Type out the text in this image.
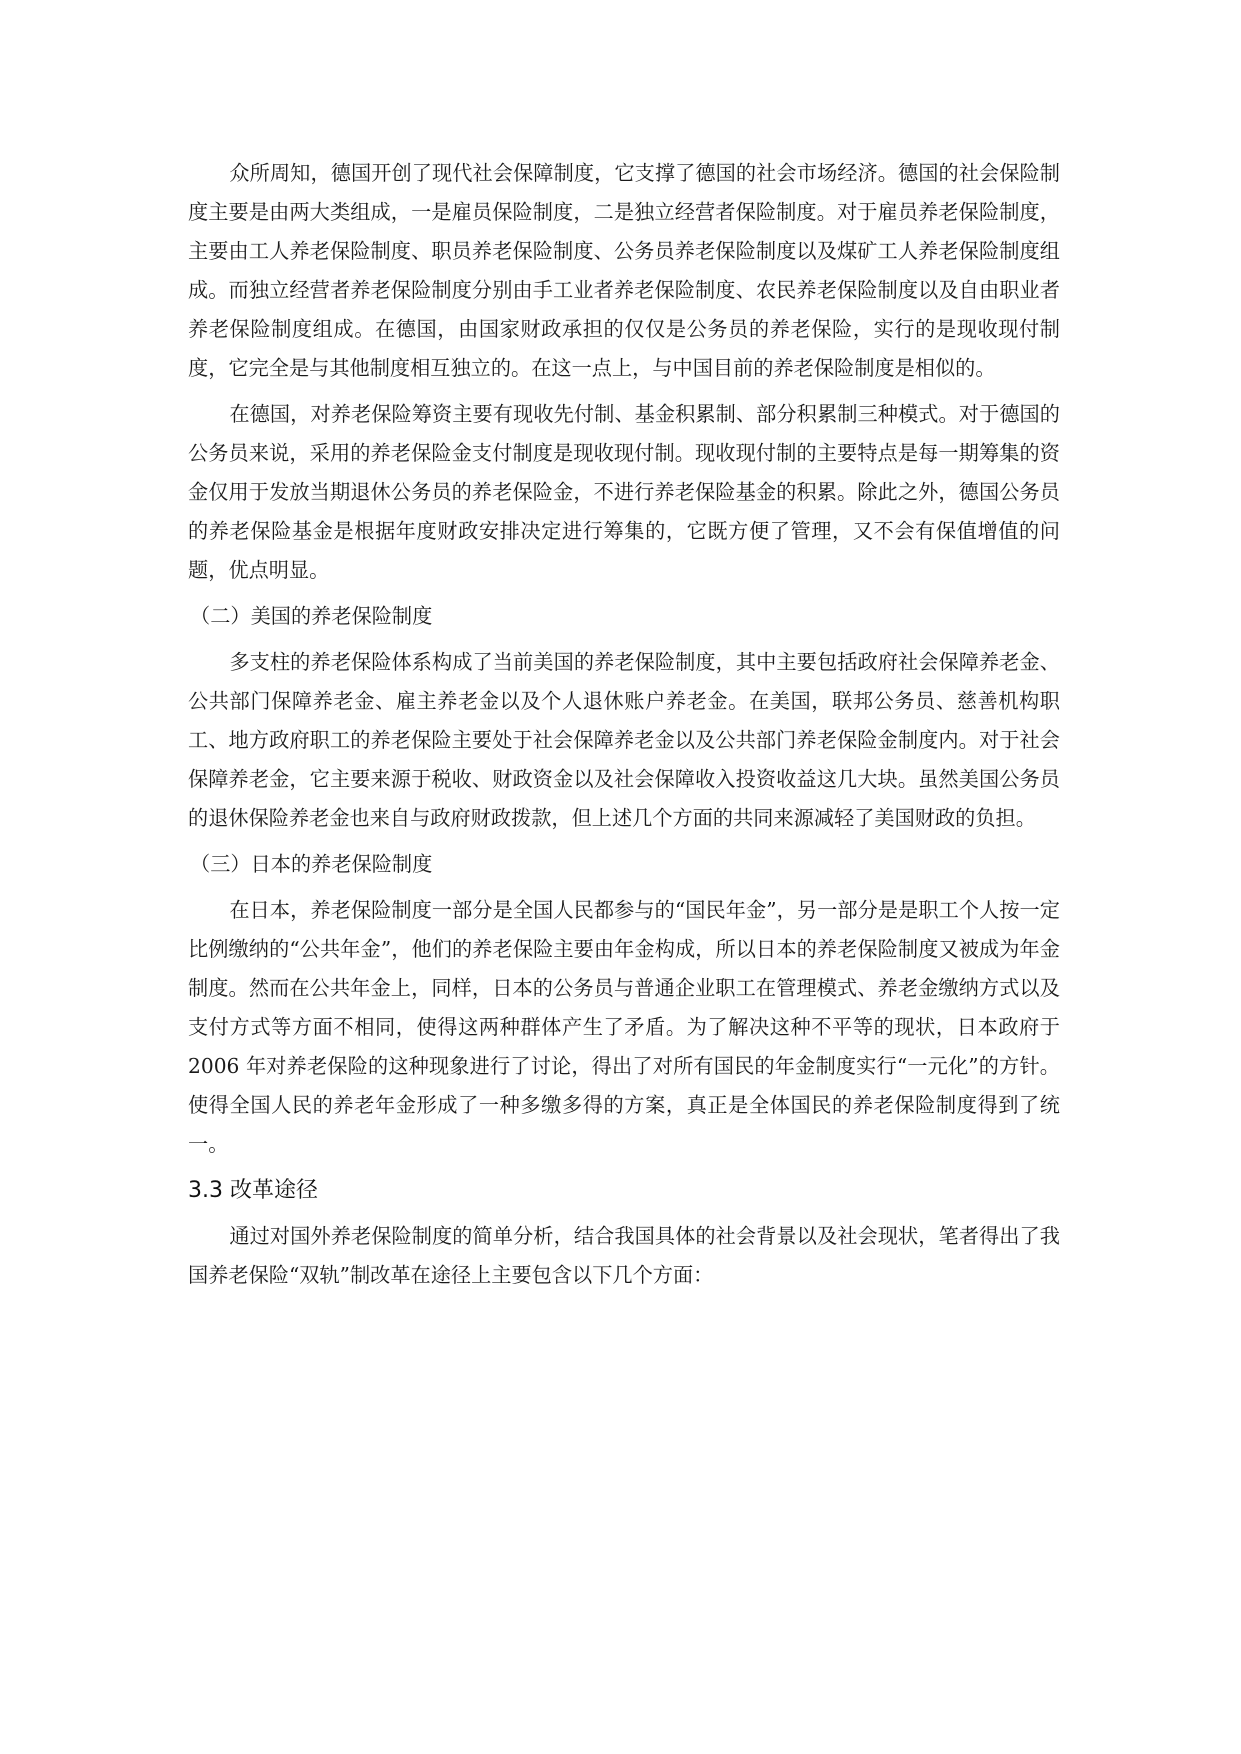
众所周知，德国开创了现代社会保障制度，它支撑了德国的社会市场经济。德国的社会保险制度主要是由两大类组成，一是雇员保险制度，二是独立经营者保险制度。对于雇员养老保险制度，主要由工人养老保险制度、职员养老保险制度、公务员养老保险制度以及煤矿工人养老保险制度组成。而独立经营者养老保险制度分别由手工业者养老保险制度、农民养老保险制度以及自由职业者养老保险制度组成。在德国，由国家财政承担的仅仅是公务员的养老保险，实行的是现收现付制度，它完全是与其他制度相互独立的。在这一点上，与中国目前的养老保险制度是相似的。

在德国，对养老保险筹资主要有现收先付制、基金积累制、部分积累制三种模式。对于德国的公务员来说，采用的养老保险金支付制度是现收现付制。现收现付制的主要特点是每一期筹集的资金仅用于发放当期退休公务员的养老保险金，不进行养老保险基金的积累。除此之外，德国公务员的养老保险基金是根据年度财政安排决定进行筹集的，它既方便了管理，又不会有保值增值的问题，优点明显。

（二）美国的养老保险制度

多支柱的养老保险体系构成了当前美国的养老保险制度，其中主要包括政府社会保障养老金、公共部门保障养老金、雇主养老金以及个人退休账户养老金。在美国，联邦公务员、慈善机构职工、地方政府职工的养老保险主要处于社会保障养老金以及公共部门养老保险金制度内。对于社会保障养老金，它主要来源于税收、财政资金以及社会保障收入投资收益这几大块。虽然美国公务员的退休保险养老金也来自与政府财政拨款，但上述几个方面的共同来源减轻了美国财政的负担。

（三）日本的养老保险制度

在日本，养老保险制度一部分是全国人民都参与的“国民年金”，另一部分是是职工个人按一定比例缴纳的“公共年金”，他们的养老保险主要由年金构成，所以日本的养老保险制度又被成为年金制度。然而在公共年金上，同样，日本的公务员与普通企业职工在管理模式、养老金缴纳方式以及支付方式等方面不相同，使得这两种群体产生了矛盾。为了解决这种不平等的现状，日本政府于 2006 年对养老保险的这种现象进行了讨论，得出了对所有国民的年金制度实行“一元化”的方针。使得全国人民的养老年金形成了一种多缴多得的方案，真正是全体国民的养老保险制度得到了统一。

3.3 改革途径

通过对国外养老保险制度的简单分析，结合我国具体的社会背景以及社会现状，笔者得出了我国养老保险“双轨”制改革在途径上主要包含以下几个方面：
